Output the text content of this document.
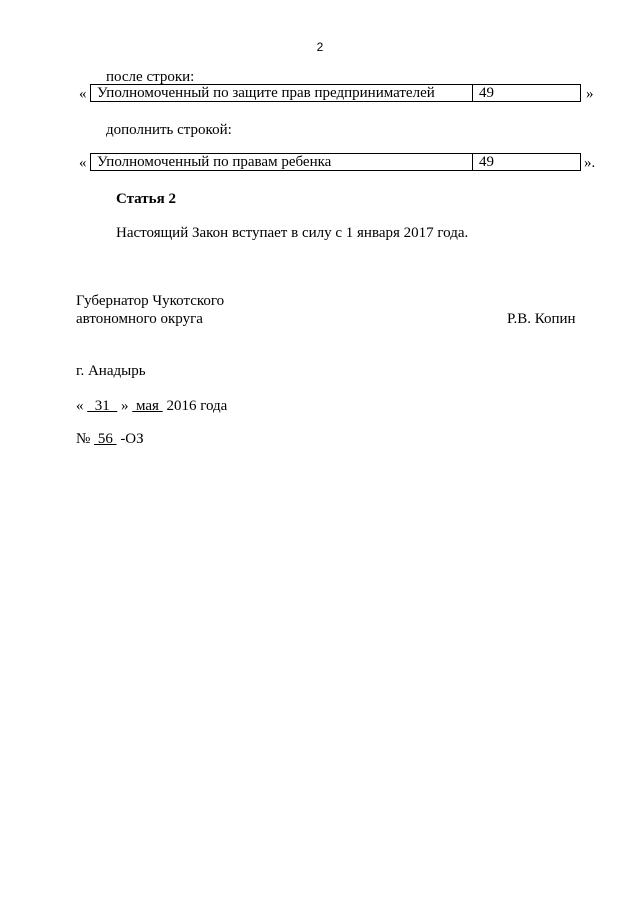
2
после строки:
« Уполномоченный по защите прав предпринимателей	49	»
дополнить строкой:
« Уполномоченный по правам ребенка	49	».
Статья 2
Настоящий Закон вступает в силу с 1 января 2017 года.
Губернатор Чукотского
автономного округа	Р.В. Копин
г. Анадырь
«   31   »  мая  2016 года
№  56  -ОЗ
